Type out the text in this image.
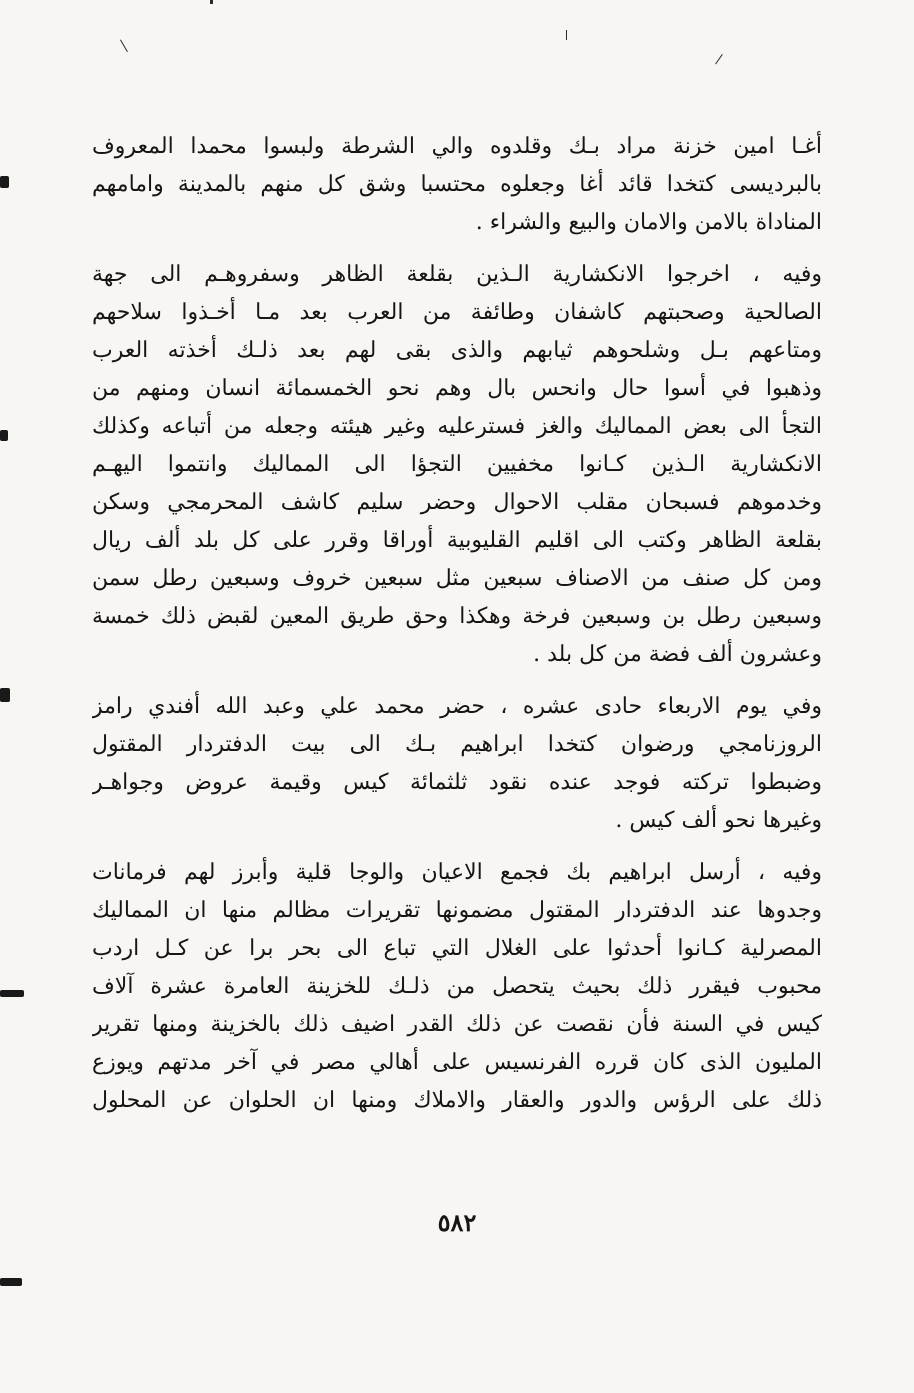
أغـا امين خزنة مراد بـك وقلدوه والي الشرطة ولبسوا محمدا المعروف
بالبرديسى كتخدا قائد أغا وجعلوه محتسبا وشق كل منهم بالمدينة وامامهم
المناداة بالامن والامان والبيع والشراء .
وفيه ، اخرجوا الانكشارية الـذين بقلعة الظاهر وسفروهـم الى جهة
الصالحية وصحبتهم كاشفان وطائفة من العرب بعد مـا أخـذوا سلاحهم
ومتاعهم بـل وشلحوهم ثيابهم والذى بقى لهم بعد ذلـك أخذته العرب
وذهبوا في أسوا حال وانحس بال وهم نحو الخمسمائة انسان ومنهم من
التجأ الى بعض المماليك والغز فسترعليه وغير هيئته وجعله من أتباعه وكذلك
الانكشارية الـذين كـانوا مخفيين التجؤا الى المماليك وانتموا اليهـم
وخدموهم فسبحان مقلب الاحوال وحضر سليم كاشف المحرمجي وسكن
بقلعة الظاهر وكتب الى اقليم القليوبية أوراقا وقرر على كل بلد ألف ريال
ومن كل صنف من الاصناف سبعين مثل سبعين خروف وسبعين رطل سمن
وسبعين رطل بن وسبعين فرخة وهكذا وحق طريق المعين لقبض ذلك خمسة
وعشرون ألف فضة من كل بلد .
وفي يوم الاربعاء حادى عشره ، حضر محمد علي وعبد الله أفندي رامز
الروزنامجي ورضوان كتخدا ابراهيم بـك الى بيت الدفتردار المقتول
وضبطوا تركته فوجد عنده نقود ثلثمائة كيس وقيمة عروض وجواهـر
وغيرها نحو ألف كيس .
وفيه ، أرسل ابراهيم بك فجمع الاعيان والوجا قلية وأبرز لهم فرمانات
وجدوها عند الدفتردار المقتول مضمونها تقريرات مظالم منها ان المماليك
المصرلية كـانوا أحدثوا على الغلال التي تباع الى بحر برا عن كـل اردب
محبوب فيقرر ذلك بحيث يتحصل من ذلـك للخزينة العامرة عشرة آلاف
كيس في السنة فأن نقصت عن ذلك القدر اضيف ذلك بالخزينة ومنها تقرير
المليون الذى كان قرره الفرنسيس على أهالي مصر في آخر مدتهم ويوزع
ذلك على الرؤس والدور والعقار والاملاك ومنها ان الحلوان عن المحلول
٥٨٢
